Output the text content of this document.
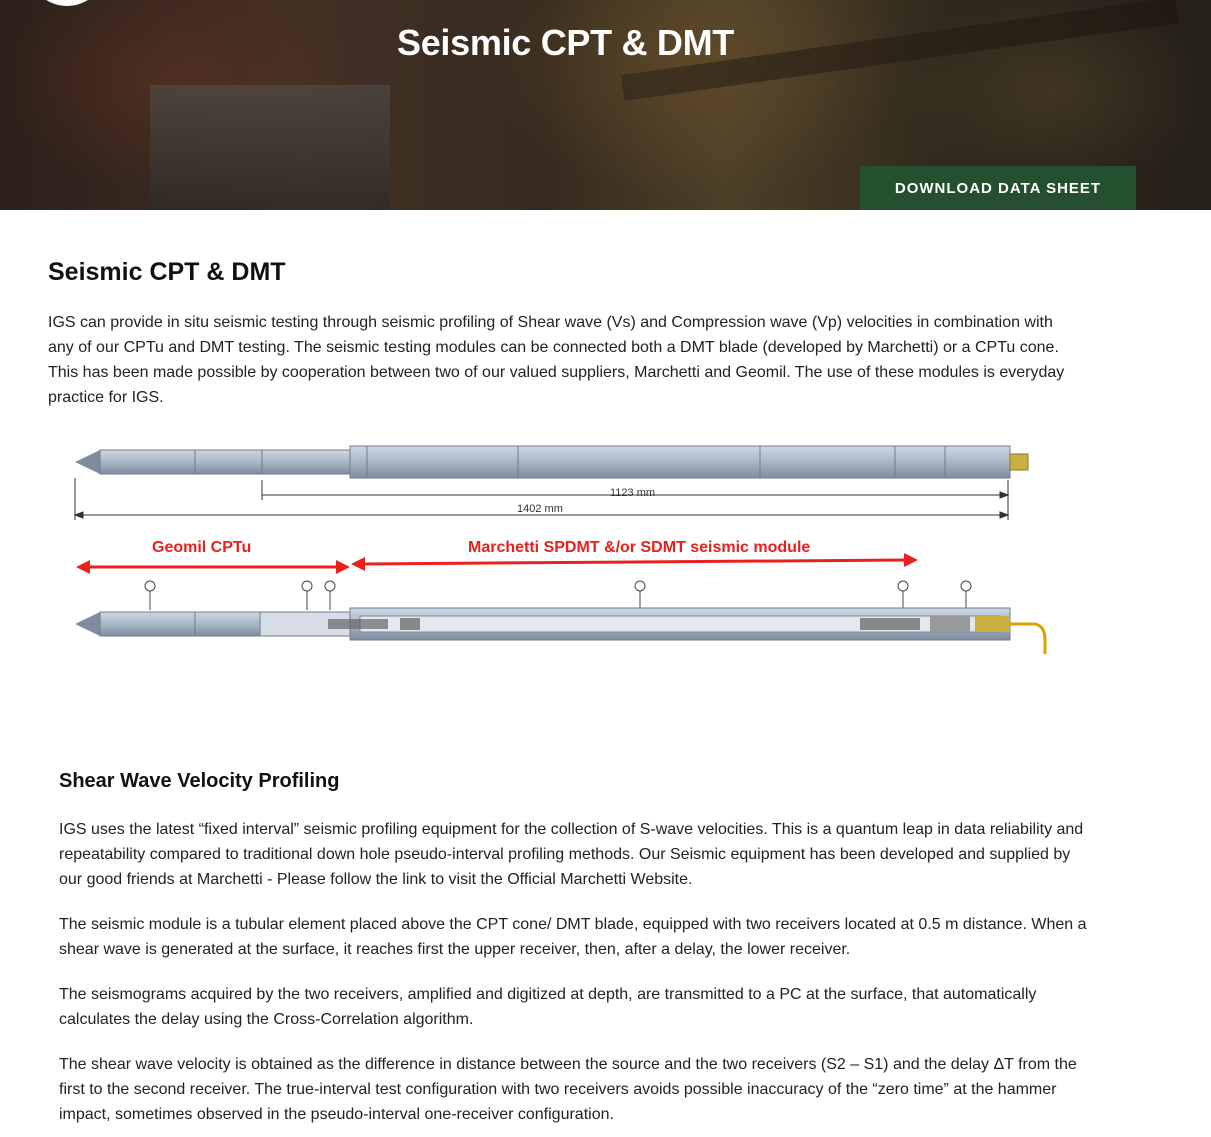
Seismic CPT & DMT
DOWNLOAD DATA SHEET
Seismic CPT & DMT

IGS can provide in situ seismic testing through seismic profiling of Shear wave (Vs) and Compression wave (Vp) velocities in combination with any of our CPTu and DMT testing. The seismic testing modules can be connected both a DMT blade (developed by Marchetti) or a CPTu cone. This has been made possible by cooperation between two of our valued suppliers, Marchetti and Geomil. The use of these modules is everyday practice for IGS.

1123 mm
1402 mm
Geomil CPTu	Marchetti SPDMT &/or SDMT seismic module
Shear Wave Velocity Profiling

IGS uses the latest “fixed interval” seismic profiling equipment for the collection of S-wave velocities. This is a quantum leap in data reliability and repeatability compared to traditional down hole pseudo-interval profiling methods. Our Seismic equipment has been developed and supplied by our good friends at Marchetti - Please follow the link to visit the Official Marchetti Website.

The seismic module is a tubular element placed above the CPT cone/ DMT blade, equipped with two receivers located at 0.5 m distance. When a shear wave is generated at the surface, it reaches first the upper receiver, then, after a delay, the lower receiver.

The seismograms acquired by the two receivers, amplified and digitized at depth, are transmitted to a PC at the surface, that automatically calculates the delay using the Cross-Correlation algorithm.

The shear wave velocity is obtained as the difference in distance between the source and the two receivers (S2 – S1) and the delay ΔT from the first to the second receiver. The true-interval test configuration with two receivers avoids possible inaccuracy of the “zero time” at the hammer impact, sometimes observed in the pseudo-interval one-receiver configuration.
